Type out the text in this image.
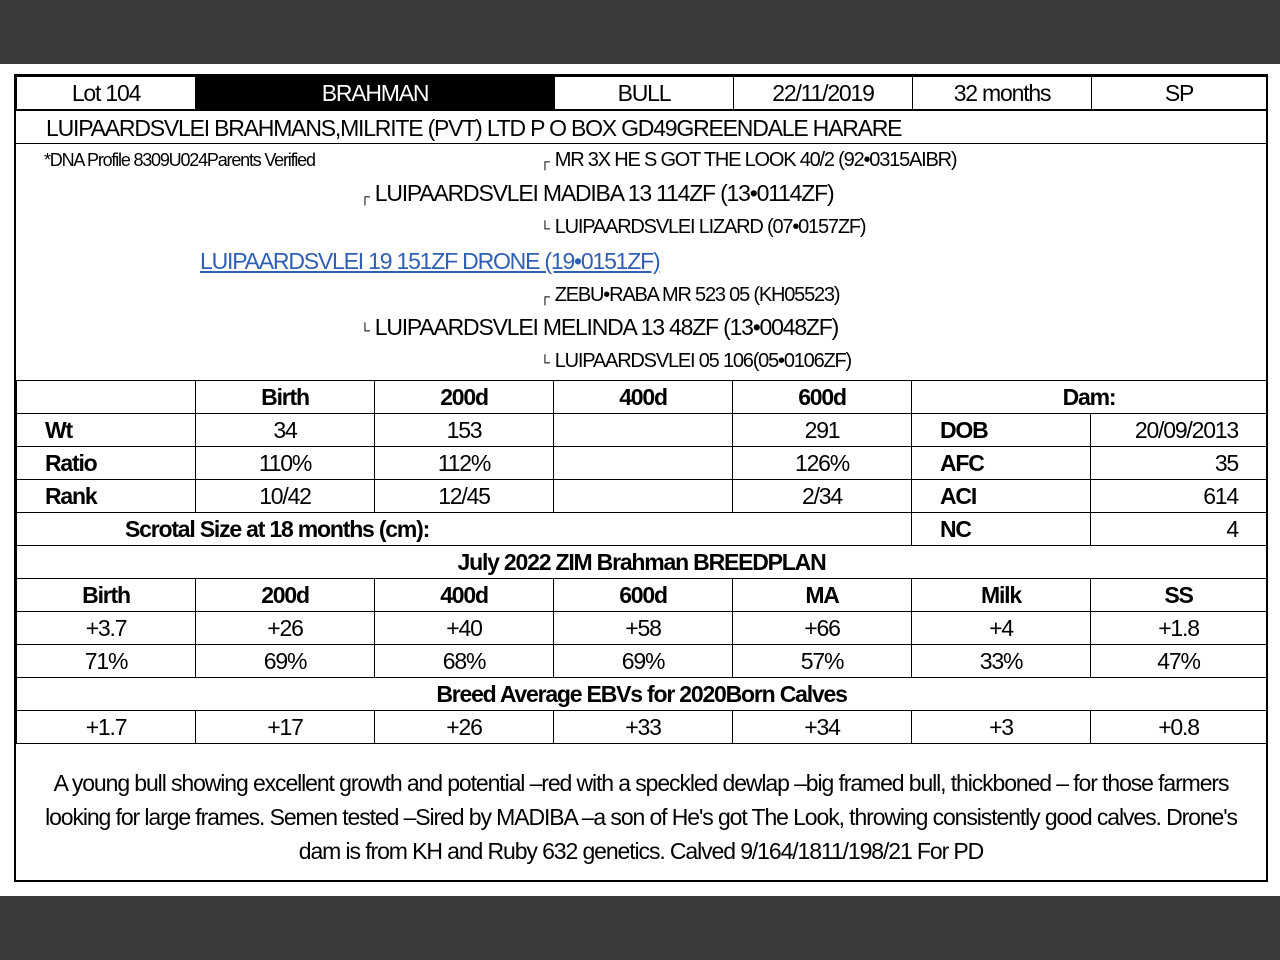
Lot 104	BRAHMAN	BULL	22/11/2019	32 months	SP
LUIPAARDSVLEI BRAHMANS,MILRITE (PVT) LTD P O BOX GD49GREENDALE HARARE
*DNA Profile 8309U024Parents Verified	┌ MR 3X HE S GOT THE LOOK 40/2 (92•0315AIBR)
┌ LUIPAARDSVLEI MADIBA 13 114ZF (13•0114ZF)
└ LUIPAARDSVLEI LIZARD (07•0157ZF)
LUIPAARDSVLEI 19 151ZF DRONE (19•0151ZF)
┌ ZEBU•RABA MR 523 05 (KH05523)
└ LUIPAARDSVLEI MELINDA 13 48ZF (13•0048ZF)
└ LUIPAARDSVLEI 05 106(05•0106ZF)
	Birth	200d	400d	600d	Dam:	
Wt	34	153		291	DOB	20/09/2013
Ratio	110%	112%		126%	AFC	35
Rank	10/42	12/45		2/34	ACI	614
Scrotal Size at 18 months (cm):					NC	4
July 2022 ZIM Brahman BREEDPLAN						
Birth	200d	400d	600d	MA	Milk	SS
+3.7	+26	+40	+58	+66	+4	+1.8
71%	69%	68%	69%	57%	33%	47%
Breed Average EBVs for 2020Born Calves						
+1.7	+17	+26	+33	+34	+3	+0.8
A young bull showing excellent growth and potential –red with a speckled dewlap –big framed bull, thickboned – for those farmers looking for large frames. Semen tested –Sired by MADIBA –a son of He's got The Look, throwing consistently good calves. Drone's dam is from KH and Ruby 632 genetics. Calved 9/164/1811/198/21 For PD
